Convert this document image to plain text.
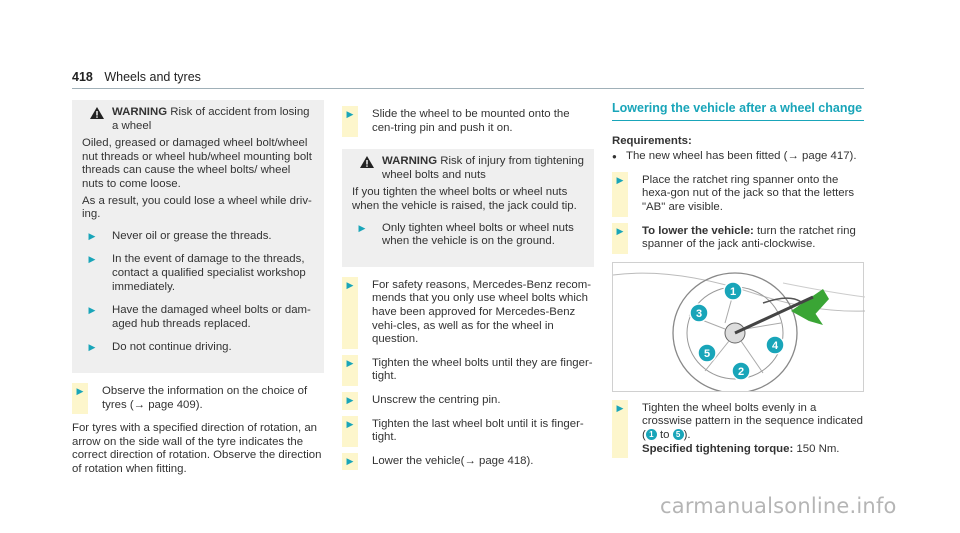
418 Wheels and tyres
WARNING Risk of accident from losing a wheel

Oiled, greased or damaged wheel bolt/wheel nut threads or wheel hub/wheel mounting bolt threads can cause the wheel bolts/ wheel nuts to come loose.

As a result, you could lose a wheel while driv-ing.

▶	Never oil or grease the threads.
▶	In the event of damage to the threads, contact a qualified specialist workshop immediately.
▶	Have the damaged wheel bolts or dam-aged hub threads replaced.
▶	Do not continue driving.
▶	Observe the information on the choice of tyres (→ page 409).

For tyres with a specified direction of rotation, an arrow on the side wall of the tyre indicates the correct direction of rotation. Observe the direction of rotation when fitting.

▶	Slide the wheel to be mounted onto the cen-tring pin and push it on.
WARNING Risk of injury from tightening wheel bolts and nuts

If you tighten the wheel bolts or wheel nuts when the vehicle is raised, the jack could tip.

▶	Only tighten wheel bolts or wheel nuts when the vehicle is on the ground.
▶	For safety reasons, Mercedes-Benz recom-mends that you only use wheel bolts which have been approved for Mercedes-Benz vehi-cles, as well as for the wheel in question.
▶	Tighten the wheel bolts until they are finger-tight.
▶	Unscrew the centring pin.
▶	Tighten the last wheel bolt until it is finger-tight.
▶	Lower the vehicle(→ page 418).
Lowering the vehicle after a wheel change
Requirements:
● The new wheel has been fitted (→ page 417).
▶	Place the ratchet ring spanner onto the hexa-gon nut of the jack so that the letters "AB" are visible.
▶	To lower the vehicle: turn the ratchet ring spanner of the jack anti-clockwise.
1
2
3
4
5
▶	Tighten the wheel bolts evenly in a crosswise pattern in the sequence indicated ( 1 to 5 ).
Specified tightening torque: 150 Nm.
carmanualsonline.info
